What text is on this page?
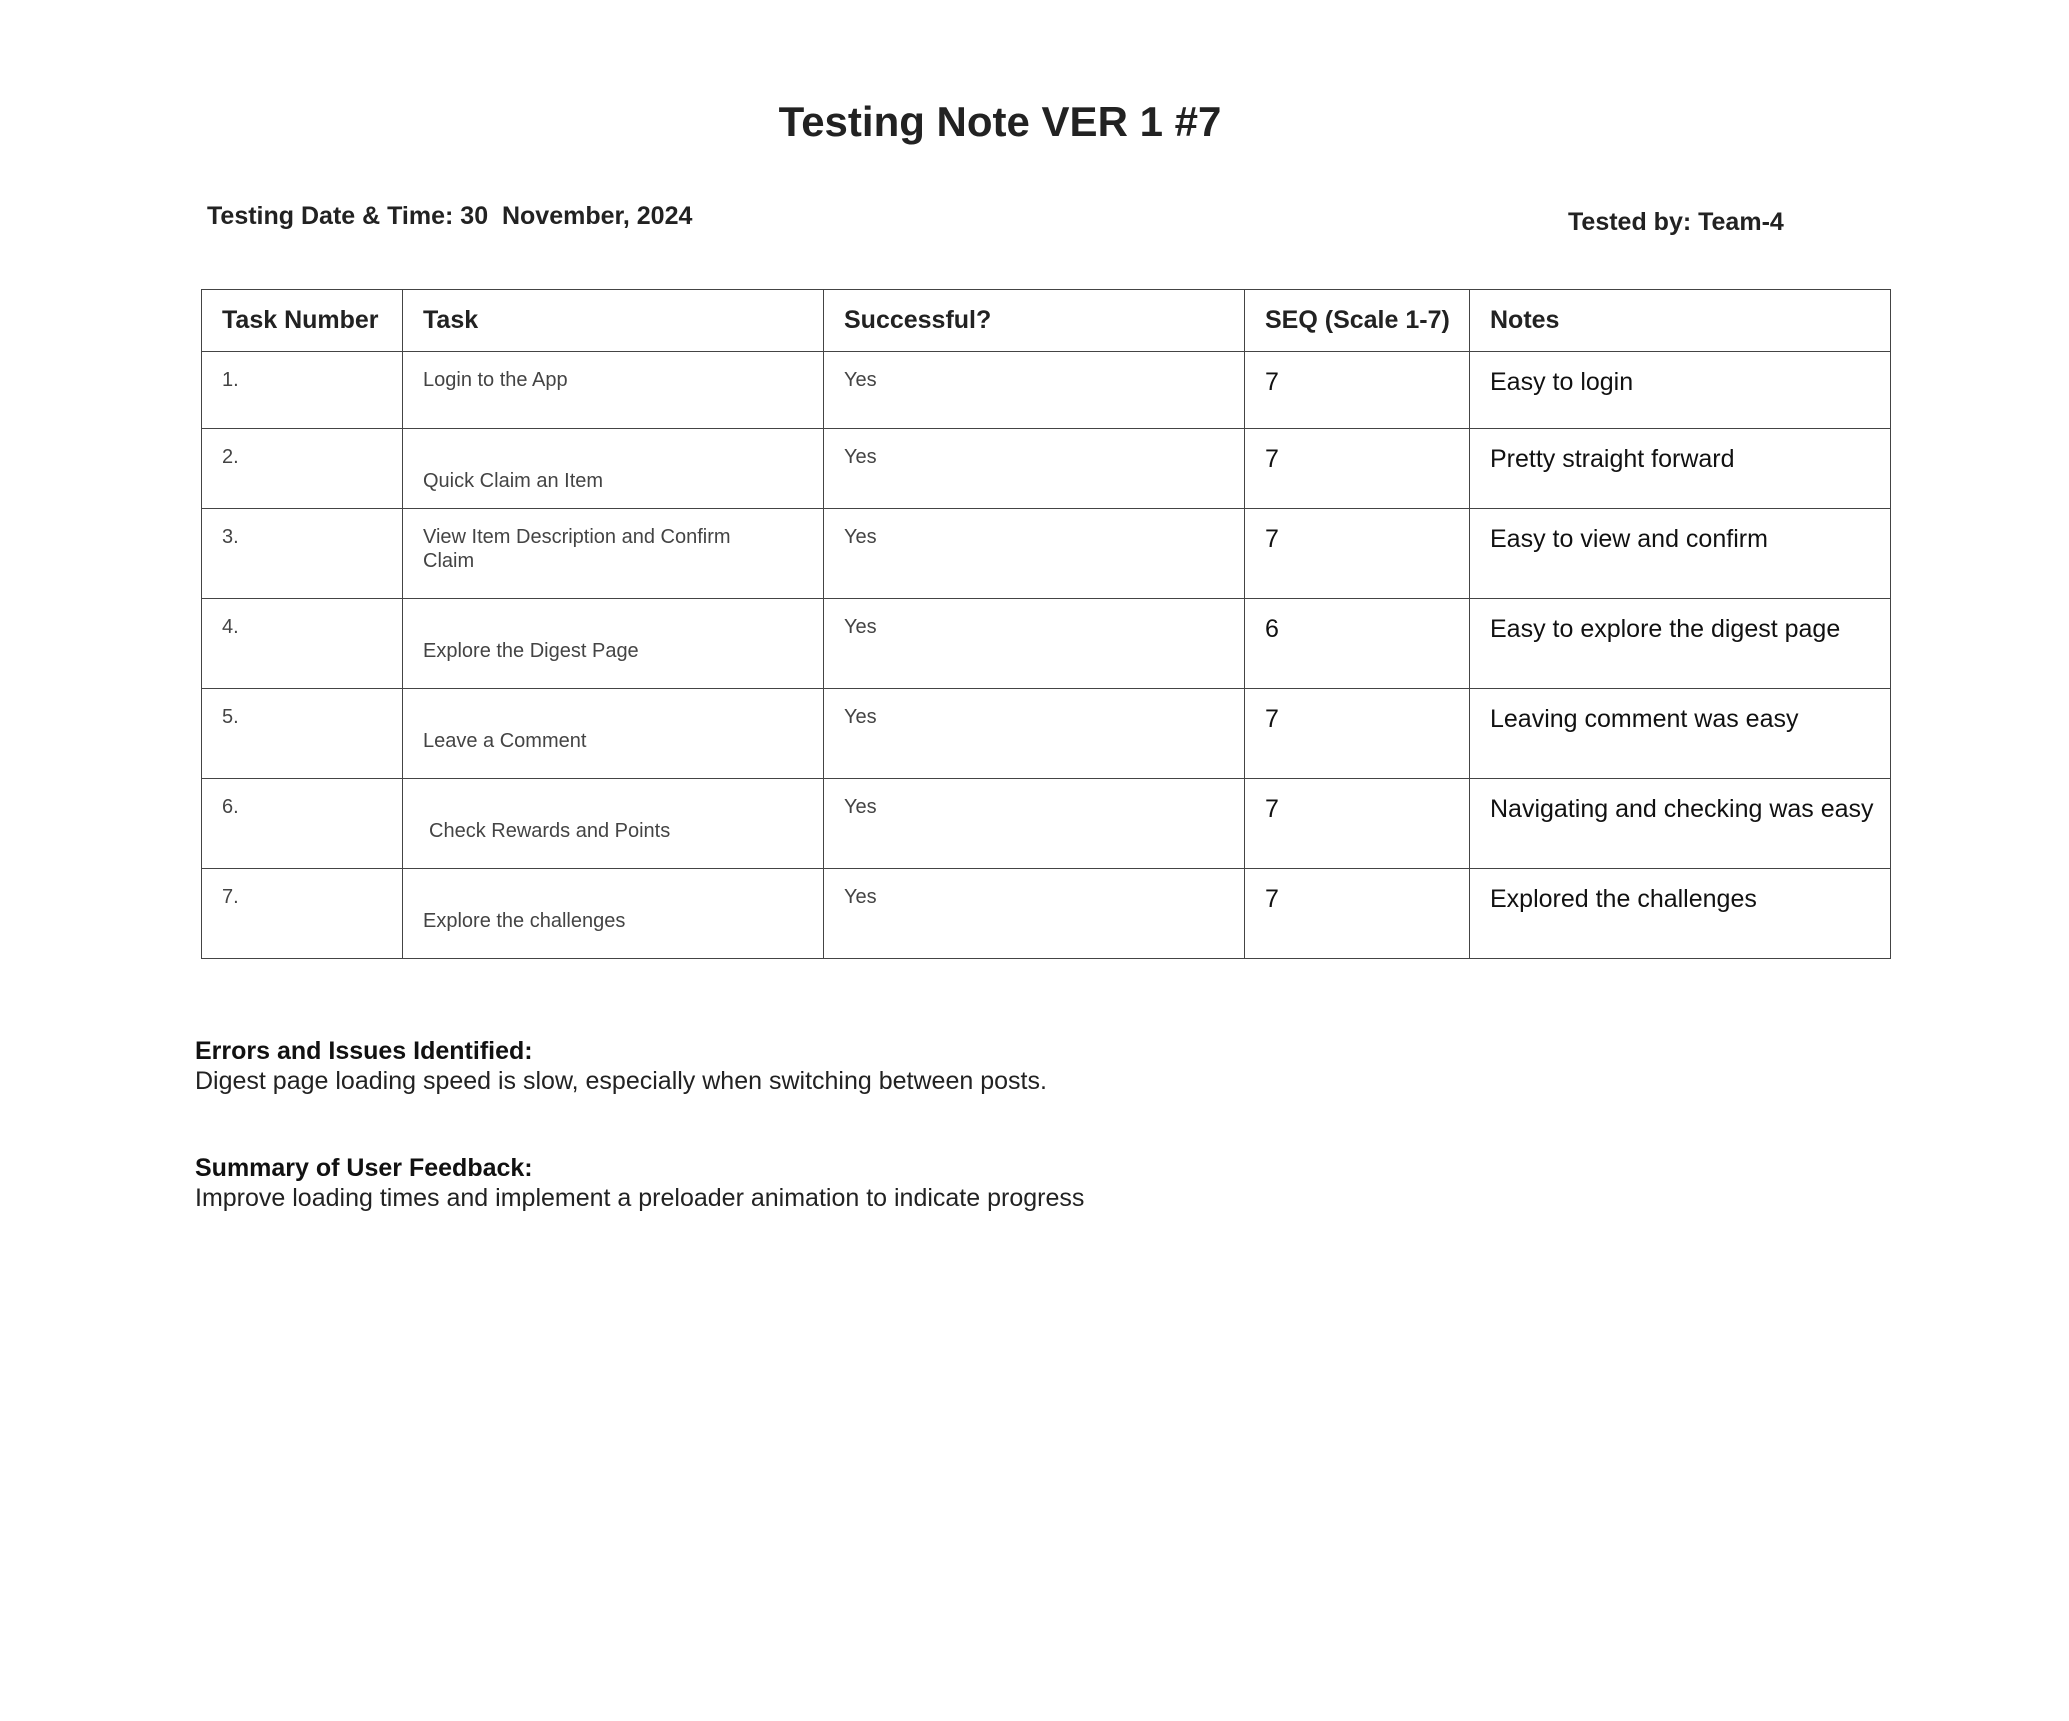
Testing Note VER 1 #7
Testing Date & Time: 30  November, 2024	Tested by: Team-4
Task Number	Task	Successful?	SEQ (Scale 1-7)	Notes

1.	Login to the App	Yes	7	Easy to login

2.	Quick Claim an Item	Yes	7	Pretty straight forward

3.	View Item Description and Confirm Claim	Yes	7	Easy to view and confirm

4.	Explore the Digest Page	Yes	6	Easy to explore the digest page

5.	Leave a Comment	Yes	7	Leaving comment was easy

6.	Check Rewards and Points	Yes	7	Navigating and checking was easy

7.	Explore the challenges	Yes	7	Explored the challenges
Errors and Issues Identified:
Digest page loading speed is slow, especially when switching between posts.
Summary of User Feedback:
Improve loading times and implement a preloader animation to indicate progress
